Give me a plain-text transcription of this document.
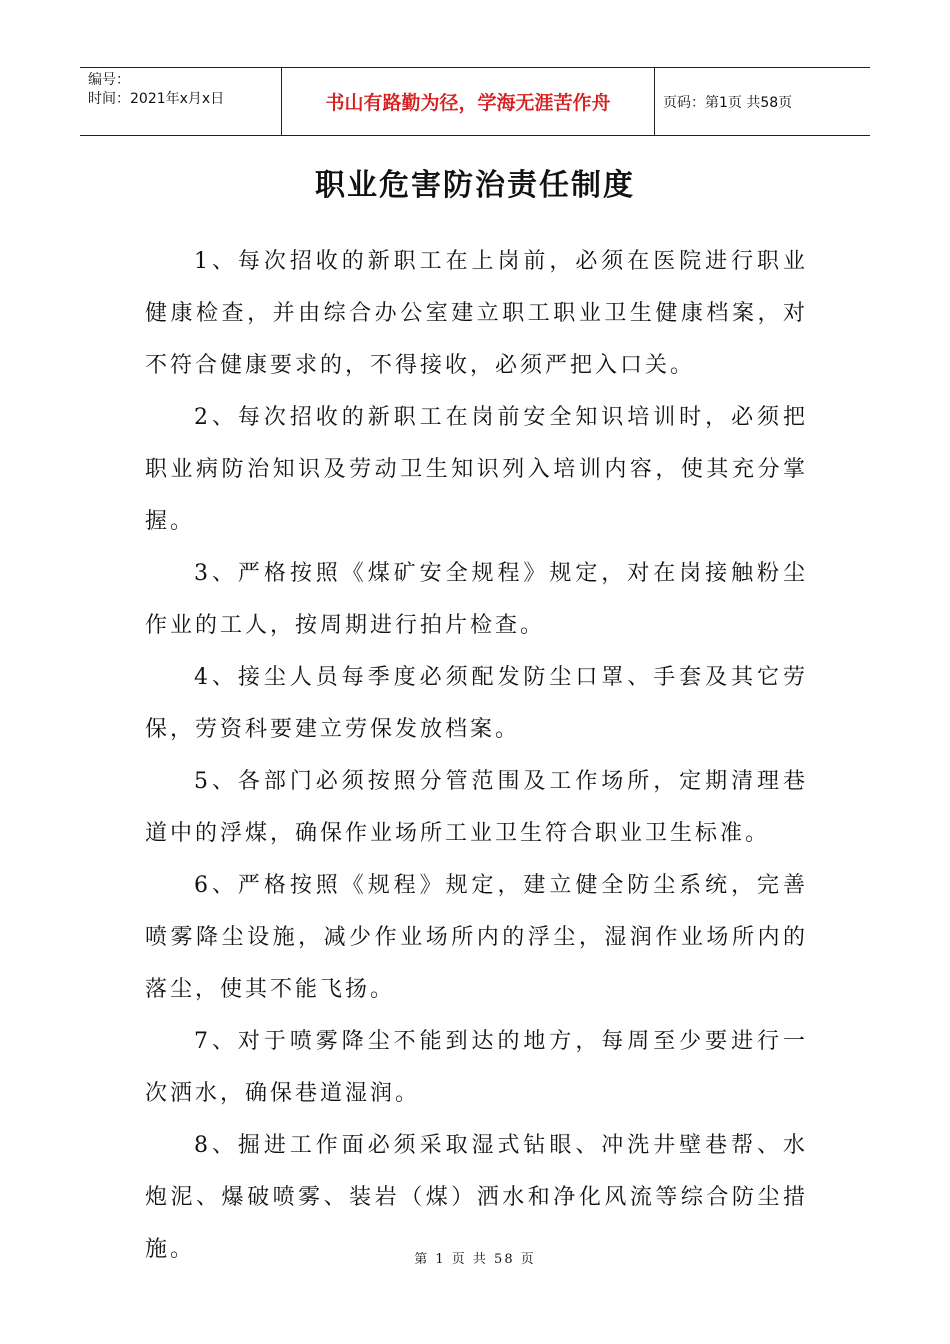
编号：
时间：2021年x月x日	书山有路勤为径，学海无涯苦作舟	页码：第1页 共58页
职业危害防治责任制度

1、每次招收的新职工在上岗前，必须在医院进行职业健康检查，并由综合办公室建立职工职业卫生健康档案，对不符合健康要求的，不得接收，必须严把入口关。

2、每次招收的新职工在岗前安全知识培训时，必须把职业病防治知识及劳动卫生知识列入培训内容，使其充分掌握。

3、严格按照《煤矿安全规程》规定，对在岗接触粉尘作业的工人，按周期进行拍片检查。

4、接尘人员每季度必须配发防尘口罩、手套及其它劳保，劳资科要建立劳保发放档案。

5、各部门必须按照分管范围及工作场所，定期清理巷道中的浮煤，确保作业场所工业卫生符合职业卫生标准。

6、严格按照《规程》规定，建立健全防尘系统，完善喷雾降尘设施，减少作业场所内的浮尘，湿润作业场所内的落尘，使其不能飞扬。

7、对于喷雾降尘不能到达的地方，每周至少要进行一次洒水，确保巷道湿润。

8、掘进工作面必须采取湿式钻眼、冲洗井壁巷帮、水炮泥、爆破喷雾、装岩（煤）洒水和净化风流等综合防尘措施。	第 1 页 共 58 页
